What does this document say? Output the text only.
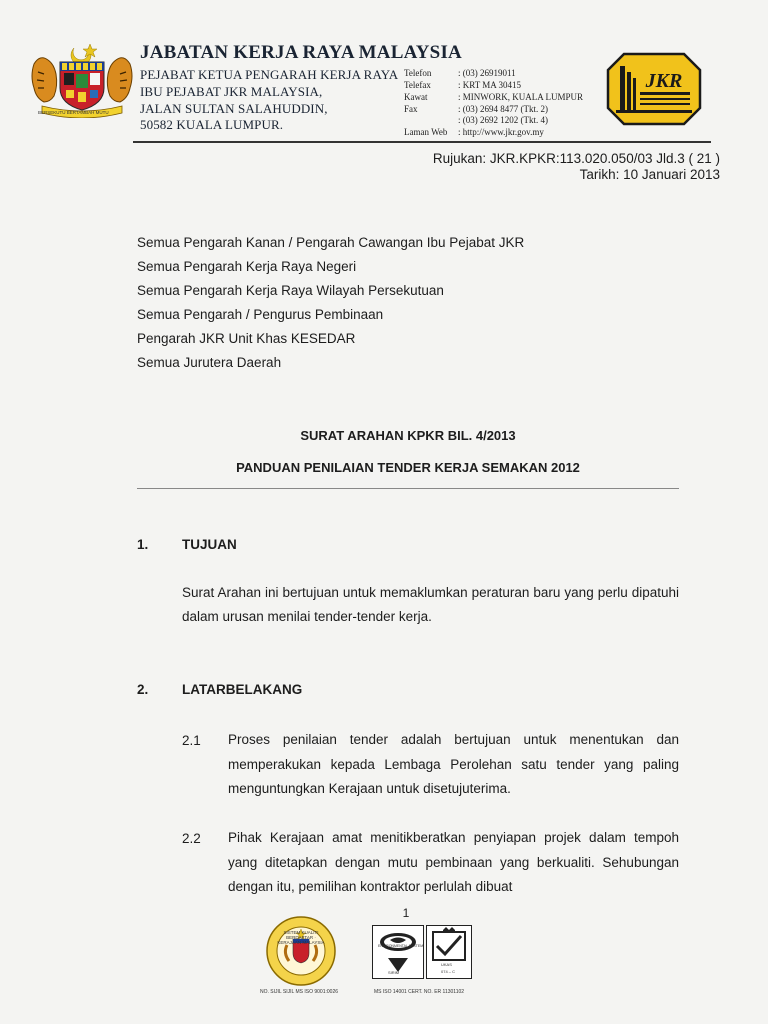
BERSEKUTU BERTAMBAH MUTU
JABATAN KERJA RAYA MALAYSIA
PEJABAT KETUA PENGARAH KERJA RAYA
IBU PEJABAT JKR MALAYSIA,
JALAN SULTAN SALAHUDDIN,
50582 KUALA LUMPUR.
Telefon	: (03) 26919011
Telefax	: KRT MA 30415
Kawat	: MINWORK, KUALA LUMPUR
Fax	: (03) 2694 8477 (Tkt. 2)
: (03) 2692 1202 (Tkt. 4)
Laman Web : http://www.jkr.gov.my
JKR
Rujukan: JKR.KPKR:113.020.050/03 Jld.3 ( 21 )
Tarikh: 10 Januari 2013
Semua Pengarah Kanan / Pengarah Cawangan Ibu Pejabat JKR
Semua Pengarah Kerja Raya Negeri
Semua Pengarah Kerja Raya Wilayah Persekutuan
Semua Pengarah / Pengurus Pembinaan
Pengarah JKR Unit Khas KESEDAR
Semua Jurutera Daerah
SURAT ARAHAN KPKR BIL. 4/2013
PANDUAN PENILAIAN TENDER KERJA SEMAKAN 2012
1. TUJUAN
Surat Arahan ini bertujuan untuk memaklumkan peraturan baru yang perlu dipatuhi dalam urusan menilai tender-tender kerja.
2. LATARBELAKANG
2.1 Proses penilaian tender adalah bertujuan untuk menentukan dan memperakukan kepada Lembaga Perolehan satu tender yang paling menguntungkan Kerajaan untuk disetujuterima.
2.2 Pihak Kerajaan amat menitikberatkan penyiapan projek dalam tempoh yang ditetapkan dengan mutu pembinaan yang berkualiti. Sehubungan dengan itu, pemilihan kontraktor perlulah dibuat
1
SISTEM KUALITI BERDAFTAR · KERAJAAN MALAYSIA
NO. SIJIL SIJIL MS ISO 9001:0026
ENVIRONMENTAL SYSTEM
SIRIM
UKAS
074 – C
MS ISO 14001 CERT. NO. ER 11301102
